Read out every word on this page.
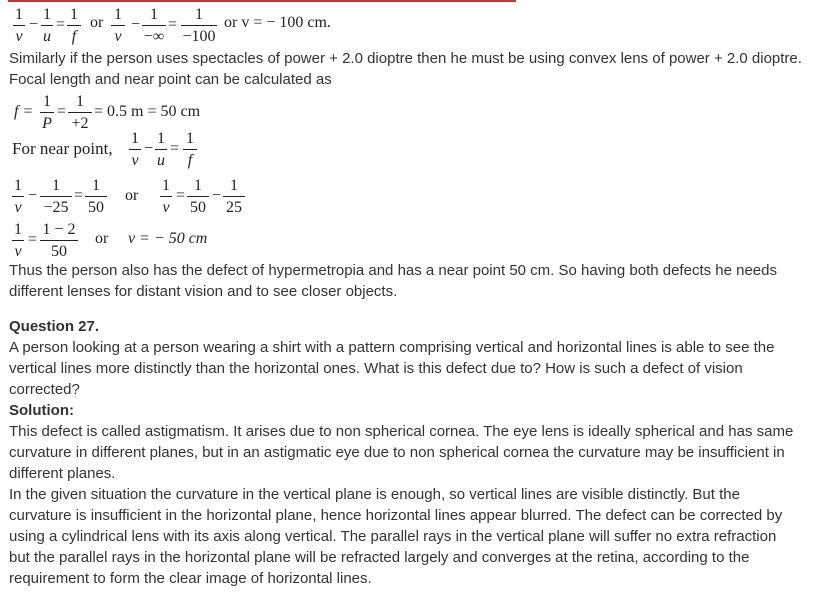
1
v
−
1
u
=
1
f
or 1
v
−
1
−∞
=
1
−100
or v = − 100 cm.
Similarly if the person uses spectacles of power + 2.0 dioptre then he must be using convex lens of power + 2.0 dioptre.
Focal length and near point can be calculated as
f =
1
P
=
1
+2
= 0.5 m = 50 cm
For near point,
1
v
−
1
u
=
1
f
1
v
−
1
−25
=
1
50
or
1
v
=
1
50
−
1
25
1
v
=
1 − 2
50
or v = − 50 cm
Thus the person also has the defect of hypermetropia and has a near point 50 cm. So having both defects he needs
different lenses for distant vision and to see closer objects.
Question 27.
A person looking at a person wearing a shirt with a pattern comprising vertical and horizontal lines is able to see the
vertical lines more distinctly than the horizontal ones. What is this defect due to? How is such a defect of vision
corrected?
Solution:
This defect is called astigmatism. It arises due to non spherical cornea. The eye lens is ideally spherical and has same
curvature in different planes, but in an astigmatic eye due to non spherical cornea the curvature may be insufficient in
different planes.
In the given situation the curvature in the vertical plane is enough, so vertical lines are visible distinctly. But the
curvature is insufficient in the horizontal plane, hence horizontal lines appear blurred. The defect can be corrected by
using a cylindrical lens with its axis along vertical. The parallel rays in the vertical plane will suffer no extra refraction
but the parallel rays in the horizontal plane will be refracted largely and converges at the retina, according to the
requirement to form the clear image of horizontal lines.
